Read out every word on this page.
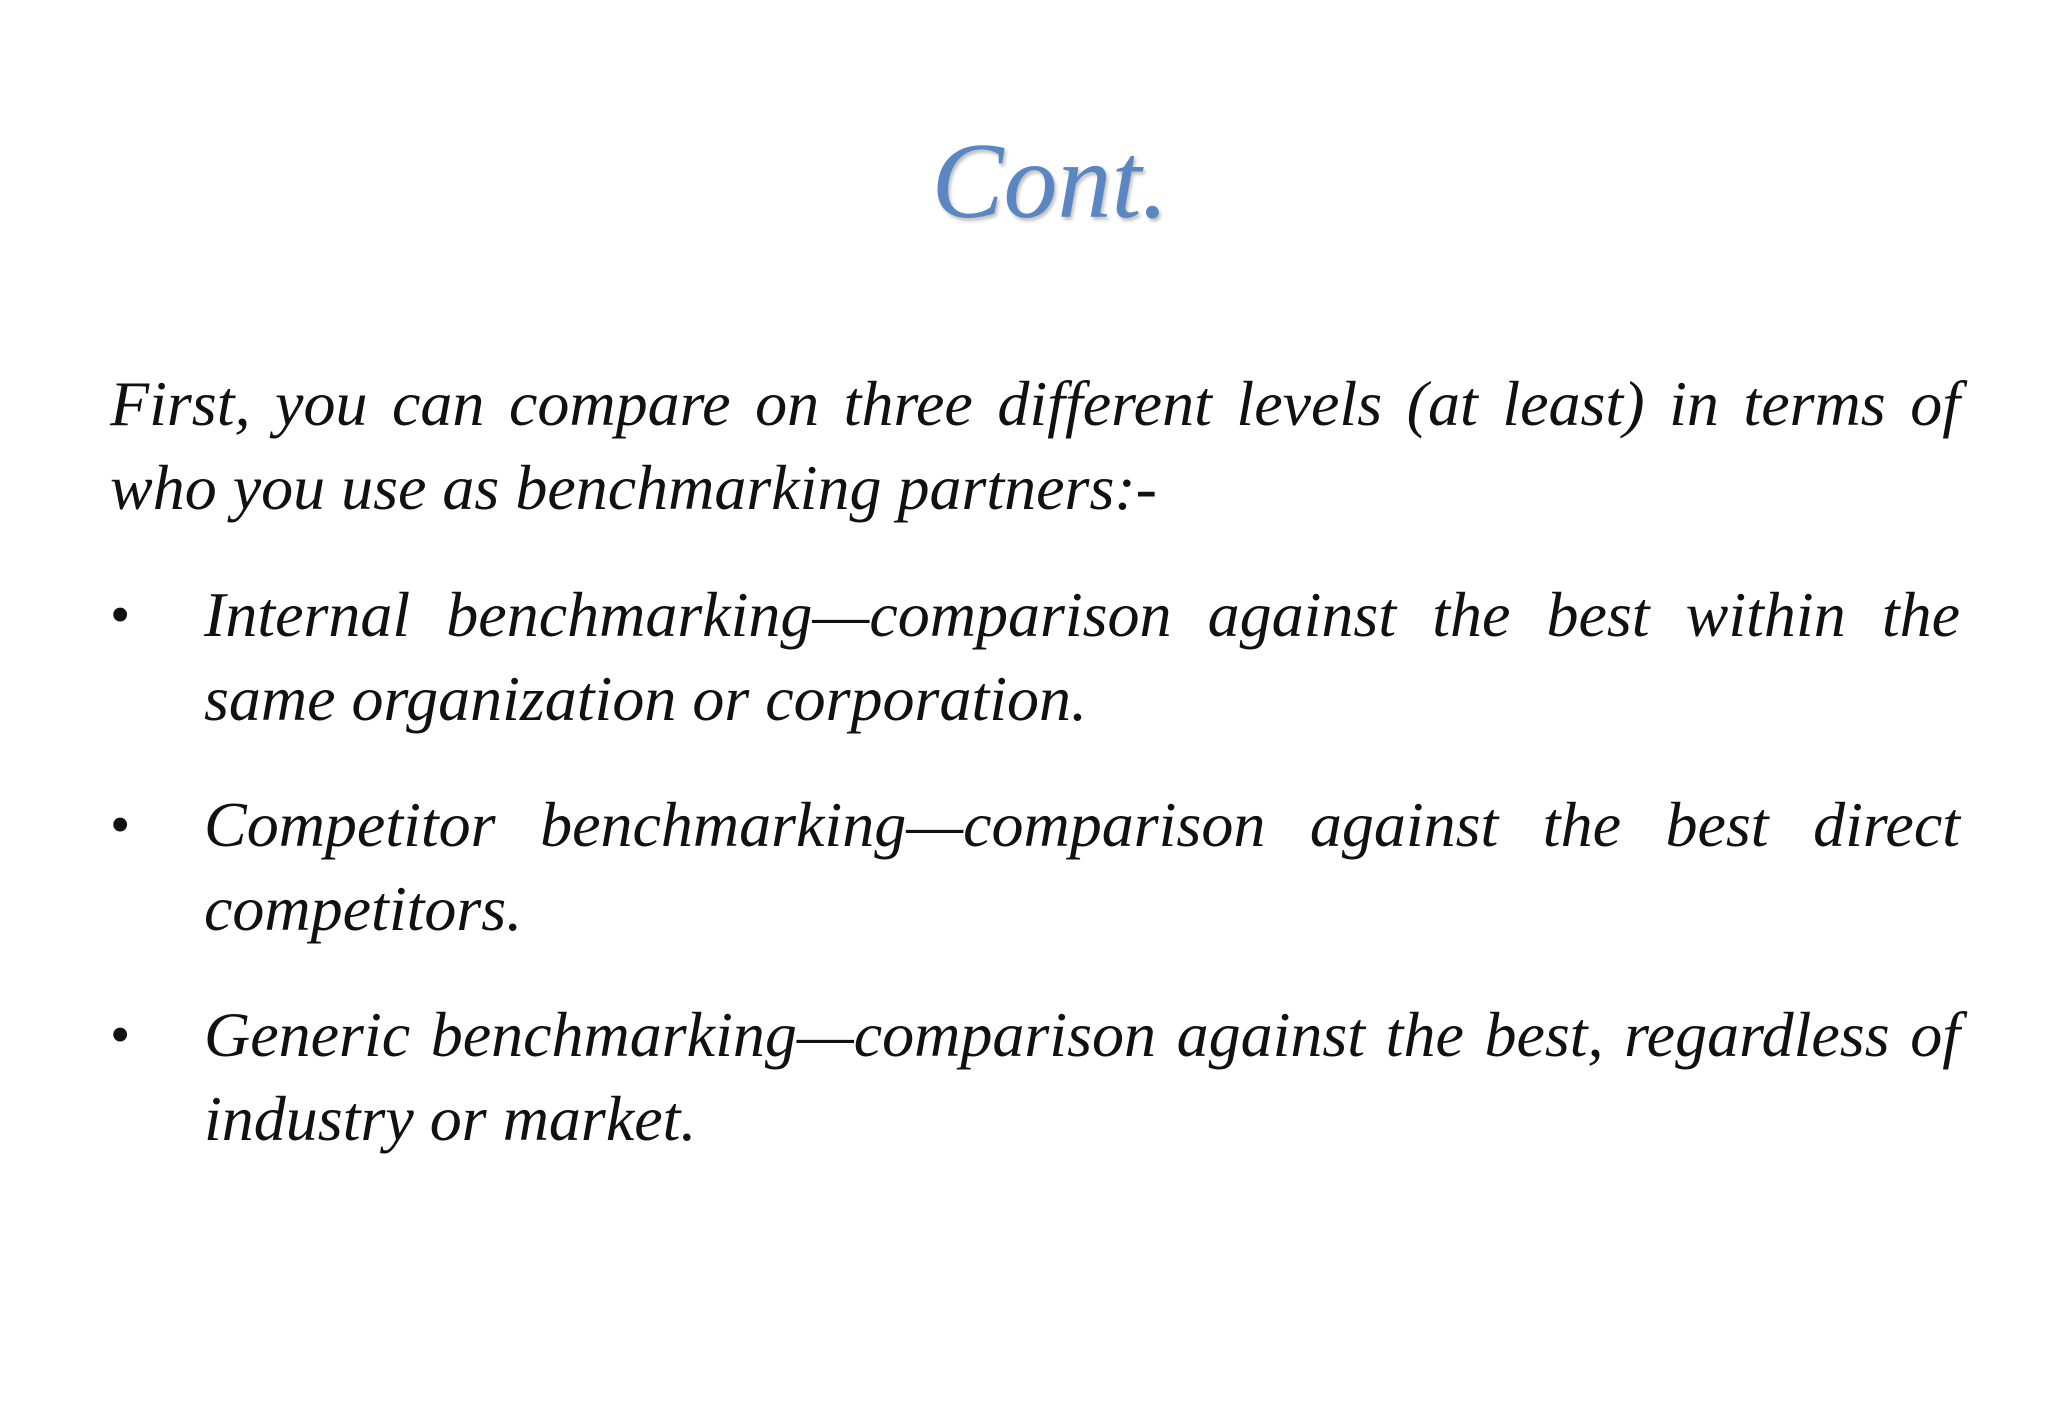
Cont.
First, you can compare on three different levels (at least) in terms of who you use as benchmarking partners:-
• Internal benchmarking—comparison against the best within the same organization or corporation.
• Competitor benchmarking—comparison against the best direct competitors.
• Generic benchmarking—comparison against the best, regardless of industry or market.
